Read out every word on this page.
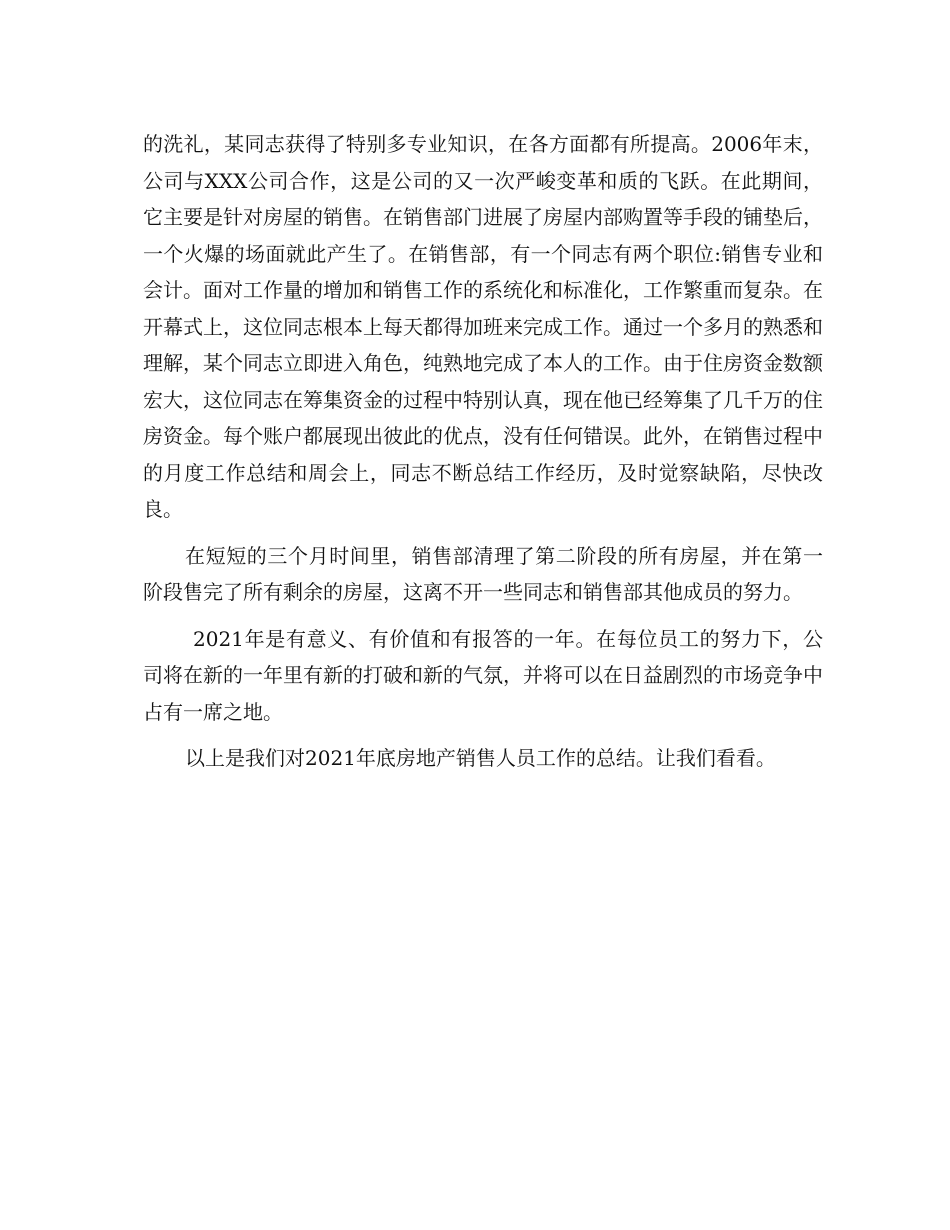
的洗礼，某同志获得了特别多专业知识，在各方面都有所提高。2006年末，公司与XXX公司合作，这是公司的又一次严峻变革和质的飞跃。在此期间，它主要是针对房屋的销售。在销售部门进展了房屋内部购置等手段的铺垫后，一个火爆的场面就此产生了。在销售部，有一个同志有两个职位:销售专业和会计。面对工作量的增加和销售工作的系统化和标准化，工作繁重而复杂。在开幕式上，这位同志根本上每天都得加班来完成工作。通过一个多月的熟悉和理解，某个同志立即进入角色，纯熟地完成了本人的工作。由于住房资金数额宏大，这位同志在筹集资金的过程中特别认真，现在他已经筹集了几千万的住房资金。每个账户都展现出彼此的优点，没有任何错误。此外，在销售过程中的月度工作总结和周会上，同志不断总结工作经历，及时觉察缺陷，尽快改良。

在短短的三个月时间里，销售部清理了第二阶段的所有房屋，并在第一阶段售完了所有剩余的房屋，这离不开一些同志和销售部其他成员的努力。

2021年是有意义、有价值和有报答的一年。在每位员工的努力下，公司将在新的一年里有新的打破和新的气氛，并将可以在日益剧烈的市场竞争中占有一席之地。

以上是我们对2021年底房地产销售人员工作的总结。让我们看看。
